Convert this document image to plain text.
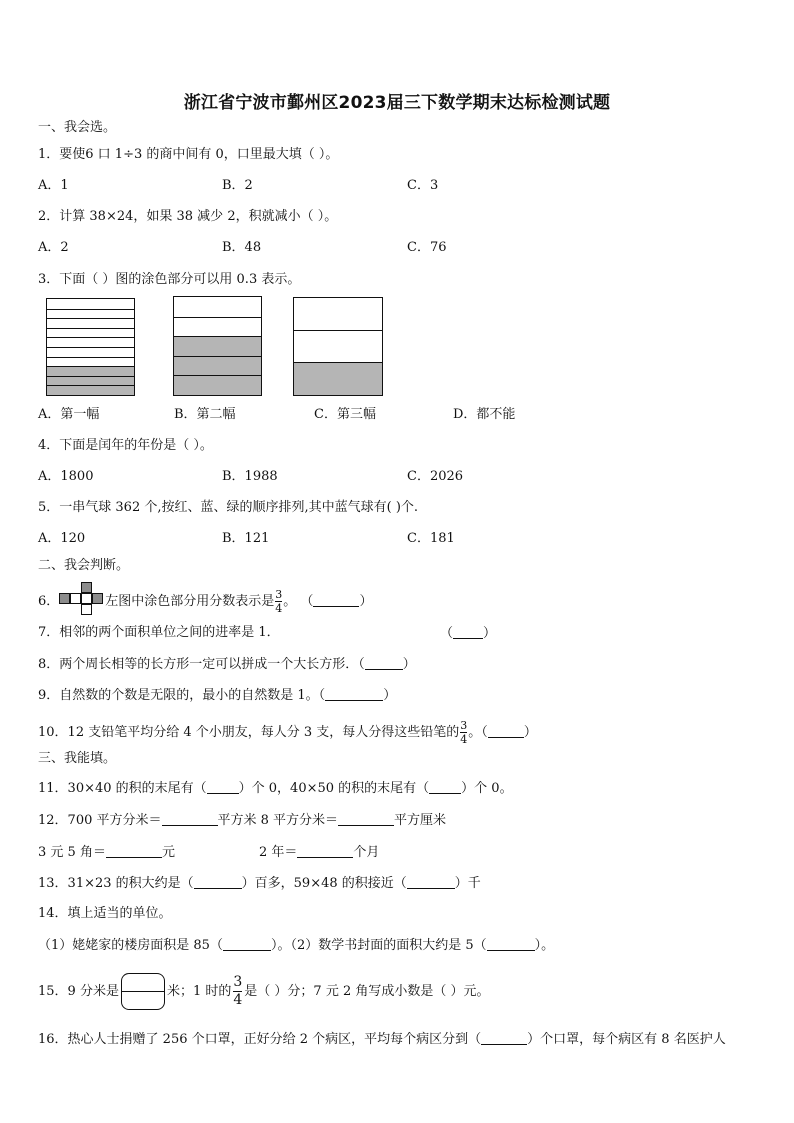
浙江省宁波市鄞州区2023届三下数学期末达标检测试题
一、我会选。
1．要使6 口 1÷3 的商中间有 0，口里最大填（ ）。
A．1	B．2	C．3
2．计算 38×24，如果 38 减少 2，积就减小（ ）。
A．2	B．48	C．76
3．下面（ ）图的涂色部分可以用 0.3 表示。
A．第一幅	B．第二幅	C．第三幅	D．都不能
4．下面是闰年的年份是（ ）。
A．1800	B．1988	C．2026
5．一串气球 362 个,按红、蓝、绿的顺序排列,其中蓝气球有( )个.
A．120	B．121	C．181
二、我会判断。
6．	左图中涂色部分用分数表示是 $\frac{3}{4}$ 。 （	）
7．相邻的两个面积单位之间的进率是 1．	（ ）
8．两个周长相等的长方形一定可以拼成一个大长方形．（	）
9．自然数的个数是无限的，最小的自然数是 1。（	）
10．12 支铅笔平均分给 4 个小朋友，每人分 3 支，每人分得这些铅笔的 $\frac{3}{4}$ 。（	）
三、我能填。
11．30×40 的积的末尾有（ ）个 0，40×50 的积的末尾有（ ）个 0。
12．700 平方分米＝	平方米 8 平方分米＝	平方厘米
3 元 5 角＝	元	2 年＝	个月
13．31×23 的积大约是（	）百多，59×48 的积接近（	）千
14．填上适当的单位。
（1）姥姥家的楼房面积是 85（	）。（2）数学书封面的面积大约是 5（	）。
15．9 分米是	米；1 时的 $\frac{3}{4}$ 是（ ）分；7 元 2 角写成小数是（ ）元。
16．热心人士捐赠了 256 个口罩，正好分给 2 个病区，平均每个病区分到（	）个口罩，每个病区有 8 名医护人
